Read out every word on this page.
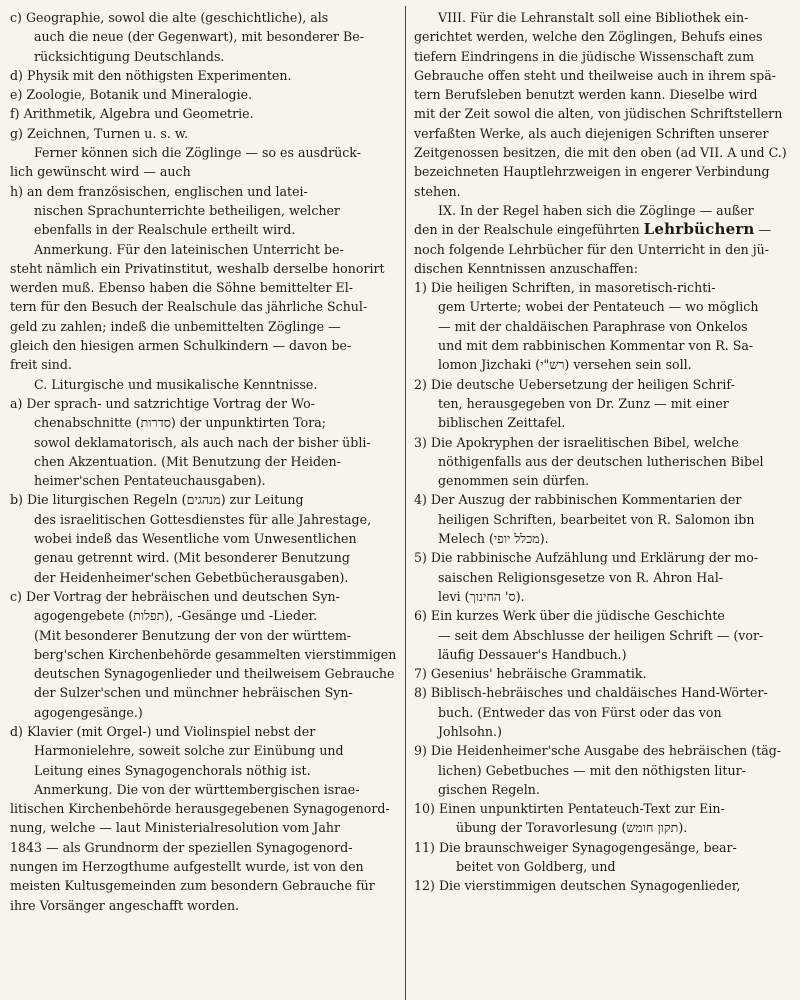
c) Geographie, sowol die alte (geschichtliche), als
auch die neue (der Gegenwart), mit besonderer Be-
rücksichtigung Deutschlands.
d) Physik mit den nöthigsten Experimenten.
e) Zoologie, Botanik und Mineralogie.
f) Arithmetik, Algebra und Geometrie.
g) Zeichnen, Turnen u. s. w.
Ferner können sich die Zöglinge — so es ausdrück-
lich gewünscht wird — auch
h) an dem französischen, englischen und latei-
nischen Sprachunterrichte betheiligen, welcher
ebenfalls in der Realschule ertheilt wird.
Anmerkung. Für den lateinischen Unterricht be-
steht nämlich ein Privatinstitut, weshalb derselbe honorirt
werden muß. Ebenso haben die Söhne bemittelter El-
tern für den Besuch der Realschule das jährliche Schul-
geld zu zahlen; indeß die unbemittelten Zöglinge —
gleich den hiesigen armen Schulkindern — davon be-
freit sind.
C. Liturgische und musikalische Kenntnisse.
a) Der sprach- und satzrichtige Vortrag der Wo-
chenabschnitte (סדרות) der unpunktirten Tora;
sowol deklamatorisch, als auch nach der bisher übli-
chen Akzentuation. (Mit Benutzung der Heiden-
heimer'schen Pentateuchausgaben).
b) Die liturgischen Regeln (מנהגים) zur Leitung
des israelitischen Gottesdienstes für alle Jahrestage,
wobei indeß das Wesentliche vom Unwesentlichen
genau getrennt wird. (Mit besonderer Benutzung
der Heidenheimer'schen Gebetbücherausgaben).
c) Der Vortrag der hebräischen und deutschen Syn-
agogengebete (תפלות), -Gesänge und -Lieder.
(Mit besonderer Benutzung der von der württem-
berg'schen Kirchenbehörde gesammelten vierstimmigen
deutschen Synagogenlieder und theilweisem Gebrauche
der Sulzer'schen und münchner hebräischen Syn-
agogengesänge.)
d) Klavier (mit Orgel-) und Violinspiel nebst der
Harmonielehre, soweit solche zur Einübung und
Leitung eines Synagogenchorals nöthig ist.
Anmerkung. Die von der württembergischen israe-
litischen Kirchenbehörde herausgegebenen Synagogenord-
nung, welche — laut Ministerialresolution vom Jahr
1843 — als Grundnorm der speziellen Synagogenord-
nungen im Herzogthume aufgestellt wurde, ist von den
meisten Kultusgemeinden zum besondern Gebrauche für
ihre Vorsänger angeschafft worden.
VIII. Für die Lehranstalt soll eine Bibliothek ein-
gerichtet werden, welche den Zöglingen, Behufs eines
tiefern Eindringens in die jüdische Wissenschaft zum
Gebrauche offen steht und theilweise auch in ihrem spä-
tern Berufsleben benutzt werden kann. Dieselbe wird
mit der Zeit sowol die alten, von jüdischen Schriftstellern
verfaßten Werke, als auch diejenigen Schriften unserer
Zeitgenossen besitzen, die mit den oben (ad VII. A und C.)
bezeichneten Hauptlehrzweigen in engerer Verbindung
stehen.
IX. In der Regel haben sich die Zöglinge — außer
den in der Realschule eingeführten Lehrbüchern —
noch folgende Lehrbücher für den Unterricht in den jü-
dischen Kenntnissen anzuschaffen:
1) Die heiligen Schriften, in masoretisch-richti-
gem Urterte; wobei der Pentateuch — wo möglich
— mit der chaldäischen Paraphrase von Onkelos
und mit dem rabbinischen Kommentar von R. Sa-
lomon Jizchaki (רש"י) versehen sein soll.
2) Die deutsche Uebersetzung der heiligen Schrif-
ten, herausgegeben von Dr. Zunz — mit einer
biblischen Zeittafel.
3) Die Apokryphen der israelitischen Bibel, welche
nöthigenfalls aus der deutschen lutherischen Bibel
genommen sein dürfen.
4) Der Auszug der rabbinischen Kommentarien der
heiligen Schriften, bearbeitet von R. Salomon ibn
Melech (מכלל יופי).
5) Die rabbinische Aufzählung und Erklärung der mo-
saischen Religionsgesetze von R. Ahron Hal-
levi (ס' החינוך).
6) Ein kurzes Werk über die jüdische Geschichte
— seit dem Abschlusse der heiligen Schrift — (vor-
läufig Dessauer's Handbuch.)
7) Gesenius' hebräische Grammatik.
8) Biblisch-hebräisches und chaldäisches Hand-Wörter-
buch. (Entweder das von Fürst oder das von
Johlsohn.)
9) Die Heidenheimer'sche Ausgabe des hebräischen (täg-
lichen) Gebetbuches — mit den nöthigsten litur-
gischen Regeln.
10) Einen unpunktirten Pentateuch-Text zur Ein-
übung der Toravorlesung (תקון חומש).
11) Die braunschweiger Synagogengesänge, bear-
beitet von Goldberg, und
12) Die vierstimmigen deutschen Synagogenlieder,
